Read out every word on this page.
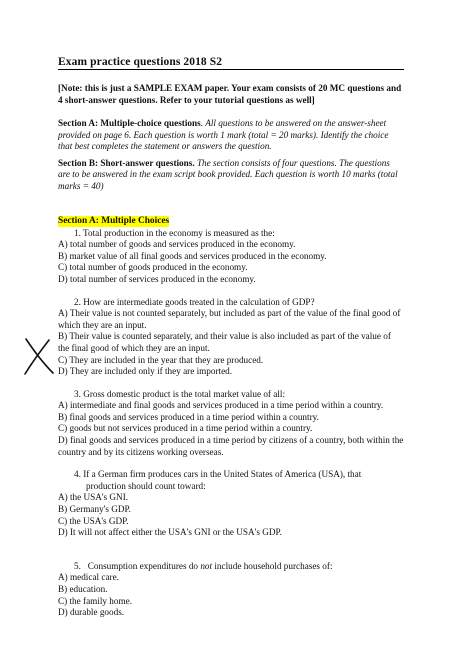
Exam practice questions 2018 S2
[Note: this is just a SAMPLE EXAM paper. Your exam consists of 20 MC questions and 4 short-answer questions. Refer to your tutorial questions as well]
Section A: Multiple-choice questions. All questions to be answered on the answer-sheet provided on page 6. Each question is worth 1 mark (total = 20 marks). Identify the choice that best completes the statement or answers the question.
Section B: Short-answer questions. The section consists of four questions. The questions are to be answered in the exam script book provided. Each question is worth 10 marks (total marks = 40)
Section A: Multiple Choices
1. Total production in the economy is measured as the:
A) total number of goods and services produced in the economy.
B) market value of all final goods and services produced in the economy.
C) total number of goods produced in the economy.
D) total number of services produced in the economy.
2. How are intermediate goods treated in the calculation of GDP?
A) Their value is not counted separately, but included as part of the value of the final good of which they are an input.
B) Their value is counted separately, and their value is also included as part of the value of the final good of which they are an input.
C) They are included in the year that they are produced.
D) They are included only if they are imported.
3. Gross domestic product is the total market value of all:
A) intermediate and final goods and services produced in a time period within a country.
B) final goods and services produced in a time period within a country.
C) goods but not services produced in a time period within a country.
D) final goods and services produced in a time period by citizens of a country, both within the country and by its citizens working overseas.
4. If a German firm produces cars in the United States of America (USA), that
production should count toward:
A) the USA's GNI.
B) Germany's GDP.
C) the USA's GDP.
D) It will not affect either the USA's GNI or the USA's GDP.
5.   Consumption expenditures do not include household purchases of:
A) medical care.
B) education.
C) the family home.
D) durable goods.
